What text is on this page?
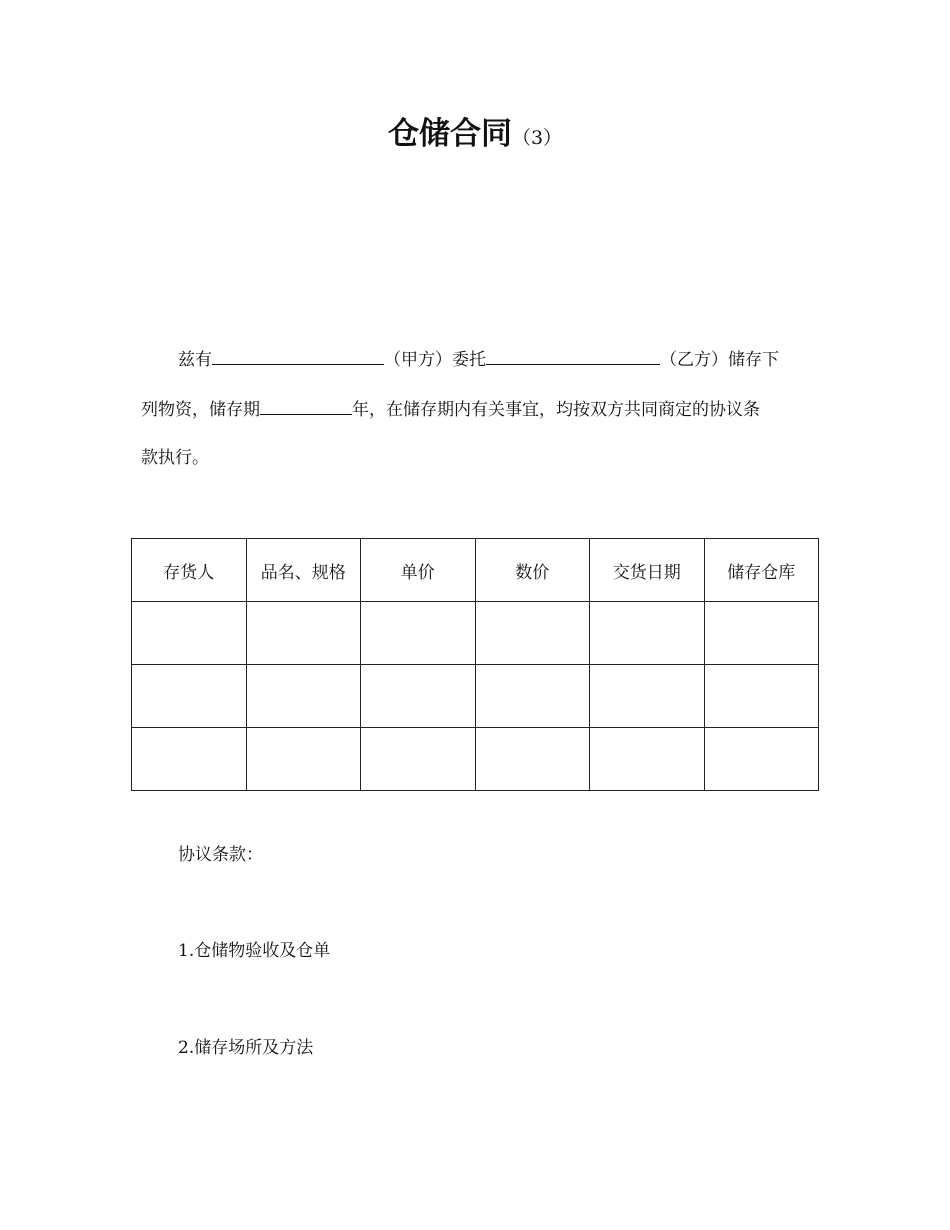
仓储合同（3）
兹有	（甲方）委托	（乙方）储存下
列物资，储存期	年，在储存期内有关事宜，均按双方共同商定的协议条
款执行。
存货人	品名、规格	单价	数价	交货日期	储存仓库

协议条款：
1.仓储物验收及仓单
2.储存场所及方法
